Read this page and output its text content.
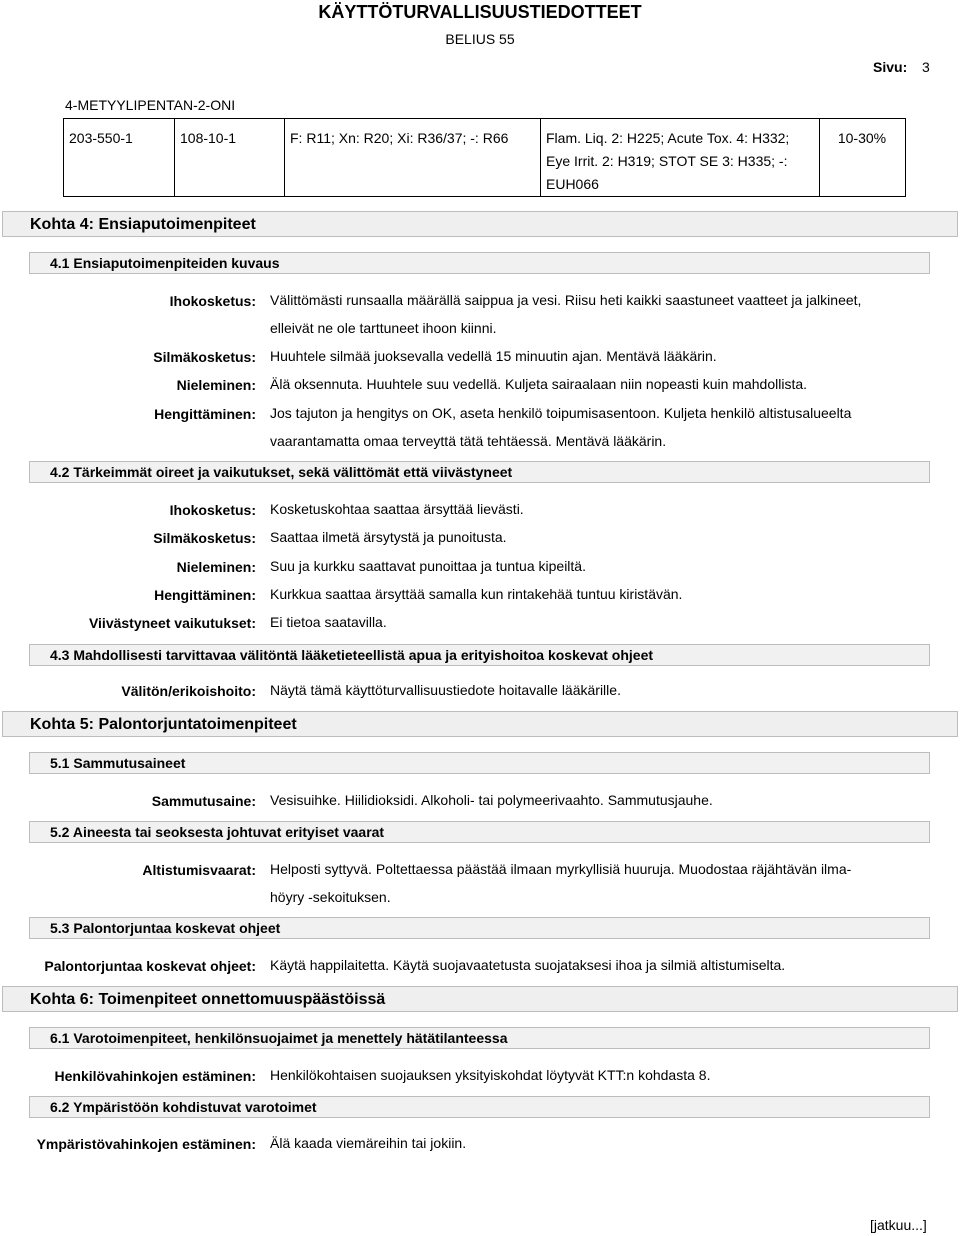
KÄYTTÖTURVALLISUUSTIEDOTTEET
BELIUS 55
Sivu: 3
4-METYYLIPENTAN-2-ONI
203-550-1	108-10-1	F: R11; Xn: R20; Xi: R36/37; -: R66	Flam. Liq. 2: H225; Acute Tox. 4: H332; Eye Irrit. 2: H319; STOT SE 3: H335; -: EUH066	10-30%
Kohta 4: Ensiaputoimenpiteet
4.1 Ensiaputoimenpiteiden kuvaus
Ihokosketus: Välittömästi runsaalla määrällä saippua ja vesi. Riisu heti kaikki saastuneet vaatteet ja jalkineet, elleivät ne ole tarttuneet ihoon kiinni.
Silmäkosketus: Huuhtele silmää juoksevalla vedellä 15 minuutin ajan. Mentävä lääkärin.
Nieleminen: Älä oksennuta. Huuhtele suu vedellä. Kuljeta sairaalaan niin nopeasti kuin mahdollista.
Hengittäminen: Jos tajuton ja hengitys on OK, aseta henkilö toipumisasentoon. Kuljeta henkilö altistusalueelta vaarantamatta omaa terveyttä tätä tehtäessä. Mentävä lääkärin.
4.2 Tärkeimmät oireet ja vaikutukset, sekä välittömät että viivästyneet
Ihokosketus: Kosketuskohtaa saattaa ärsyttää lievästi.
Silmäkosketus: Saattaa ilmetä ärsytystä ja punoitusta.
Nieleminen: Suu ja kurkku saattavat punoittaa ja tuntua kipeiltä.
Hengittäminen: Kurkkua saattaa ärsyttää samalla kun rintakehää tuntuu kiristävän.
Viivästyneet vaikutukset: Ei tietoa saatavilla.
4.3 Mahdollisesti tarvittavaa välitöntä lääketieteellistä apua ja erityishoitoa koskevat ohjeet
Välitön/erikoishoito: Näytä tämä käyttöturvallisuustiedote hoitavalle lääkärille.
Kohta 5: Palontorjuntatoimenpiteet
5.1 Sammutusaineet
Sammutusaine: Vesisuihke. Hiilidioksidi. Alkoholi- tai polymeerivaahto. Sammutusjauhe.
5.2 Aineesta tai seoksesta johtuvat erityiset vaarat
Altistumisvaarat: Helposti syttyvä. Poltettaessa päästää ilmaan myrkyllisiä huuruja. Muodostaa räjähtävän ilma-höyry -sekoituksen.
5.3 Palontorjuntaa koskevat ohjeet
Palontorjuntaa koskevat ohjeet: Käytä happilaitetta. Käytä suojavaatetusta suojataksesi ihoa ja silmiä altistumiselta.
Kohta 6: Toimenpiteet onnettomuuspäästöissä
6.1 Varotoimenpiteet, henkilönsuojaimet ja menettely hätätilanteessa
Henkilövahinkojen estäminen: Henkilökohtaisen suojauksen yksityiskohdat löytyvät KTT:n kohdasta 8.
6.2 Ympäristöön kohdistuvat varotoimet
Ympäristövahinkojen estäminen: Älä kaada viemäreihin tai jokiin.
[jatkuu...]
